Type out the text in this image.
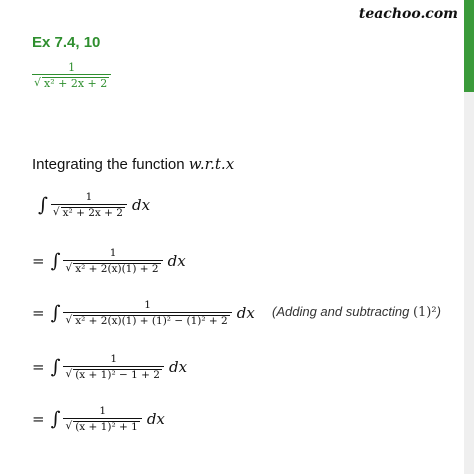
teachoo.com
Ex 7.4, 10
$\frac{1}{\text{√ x² + 2x + 2}}$
Integrating the function w.r.t.x
∫ $\frac{1}{\text{√ x² + 2x + 2}}$ dx
= ∫ $\frac{1}{\text{√ x² + 2(x)(1) + 2}}$ dx
= ∫ $\frac{1}{\text{√ x² + 2(x)(1) + (1)² − (1)² + 2}}$ dx (Adding and subtracting (1)²)
= ∫ $\frac{1}{\text{√ (x + 1)² − 1 + 2}}$ dx
= ∫ $\frac{1}{\text{√ (x + 1)² + 1}}$ dx
